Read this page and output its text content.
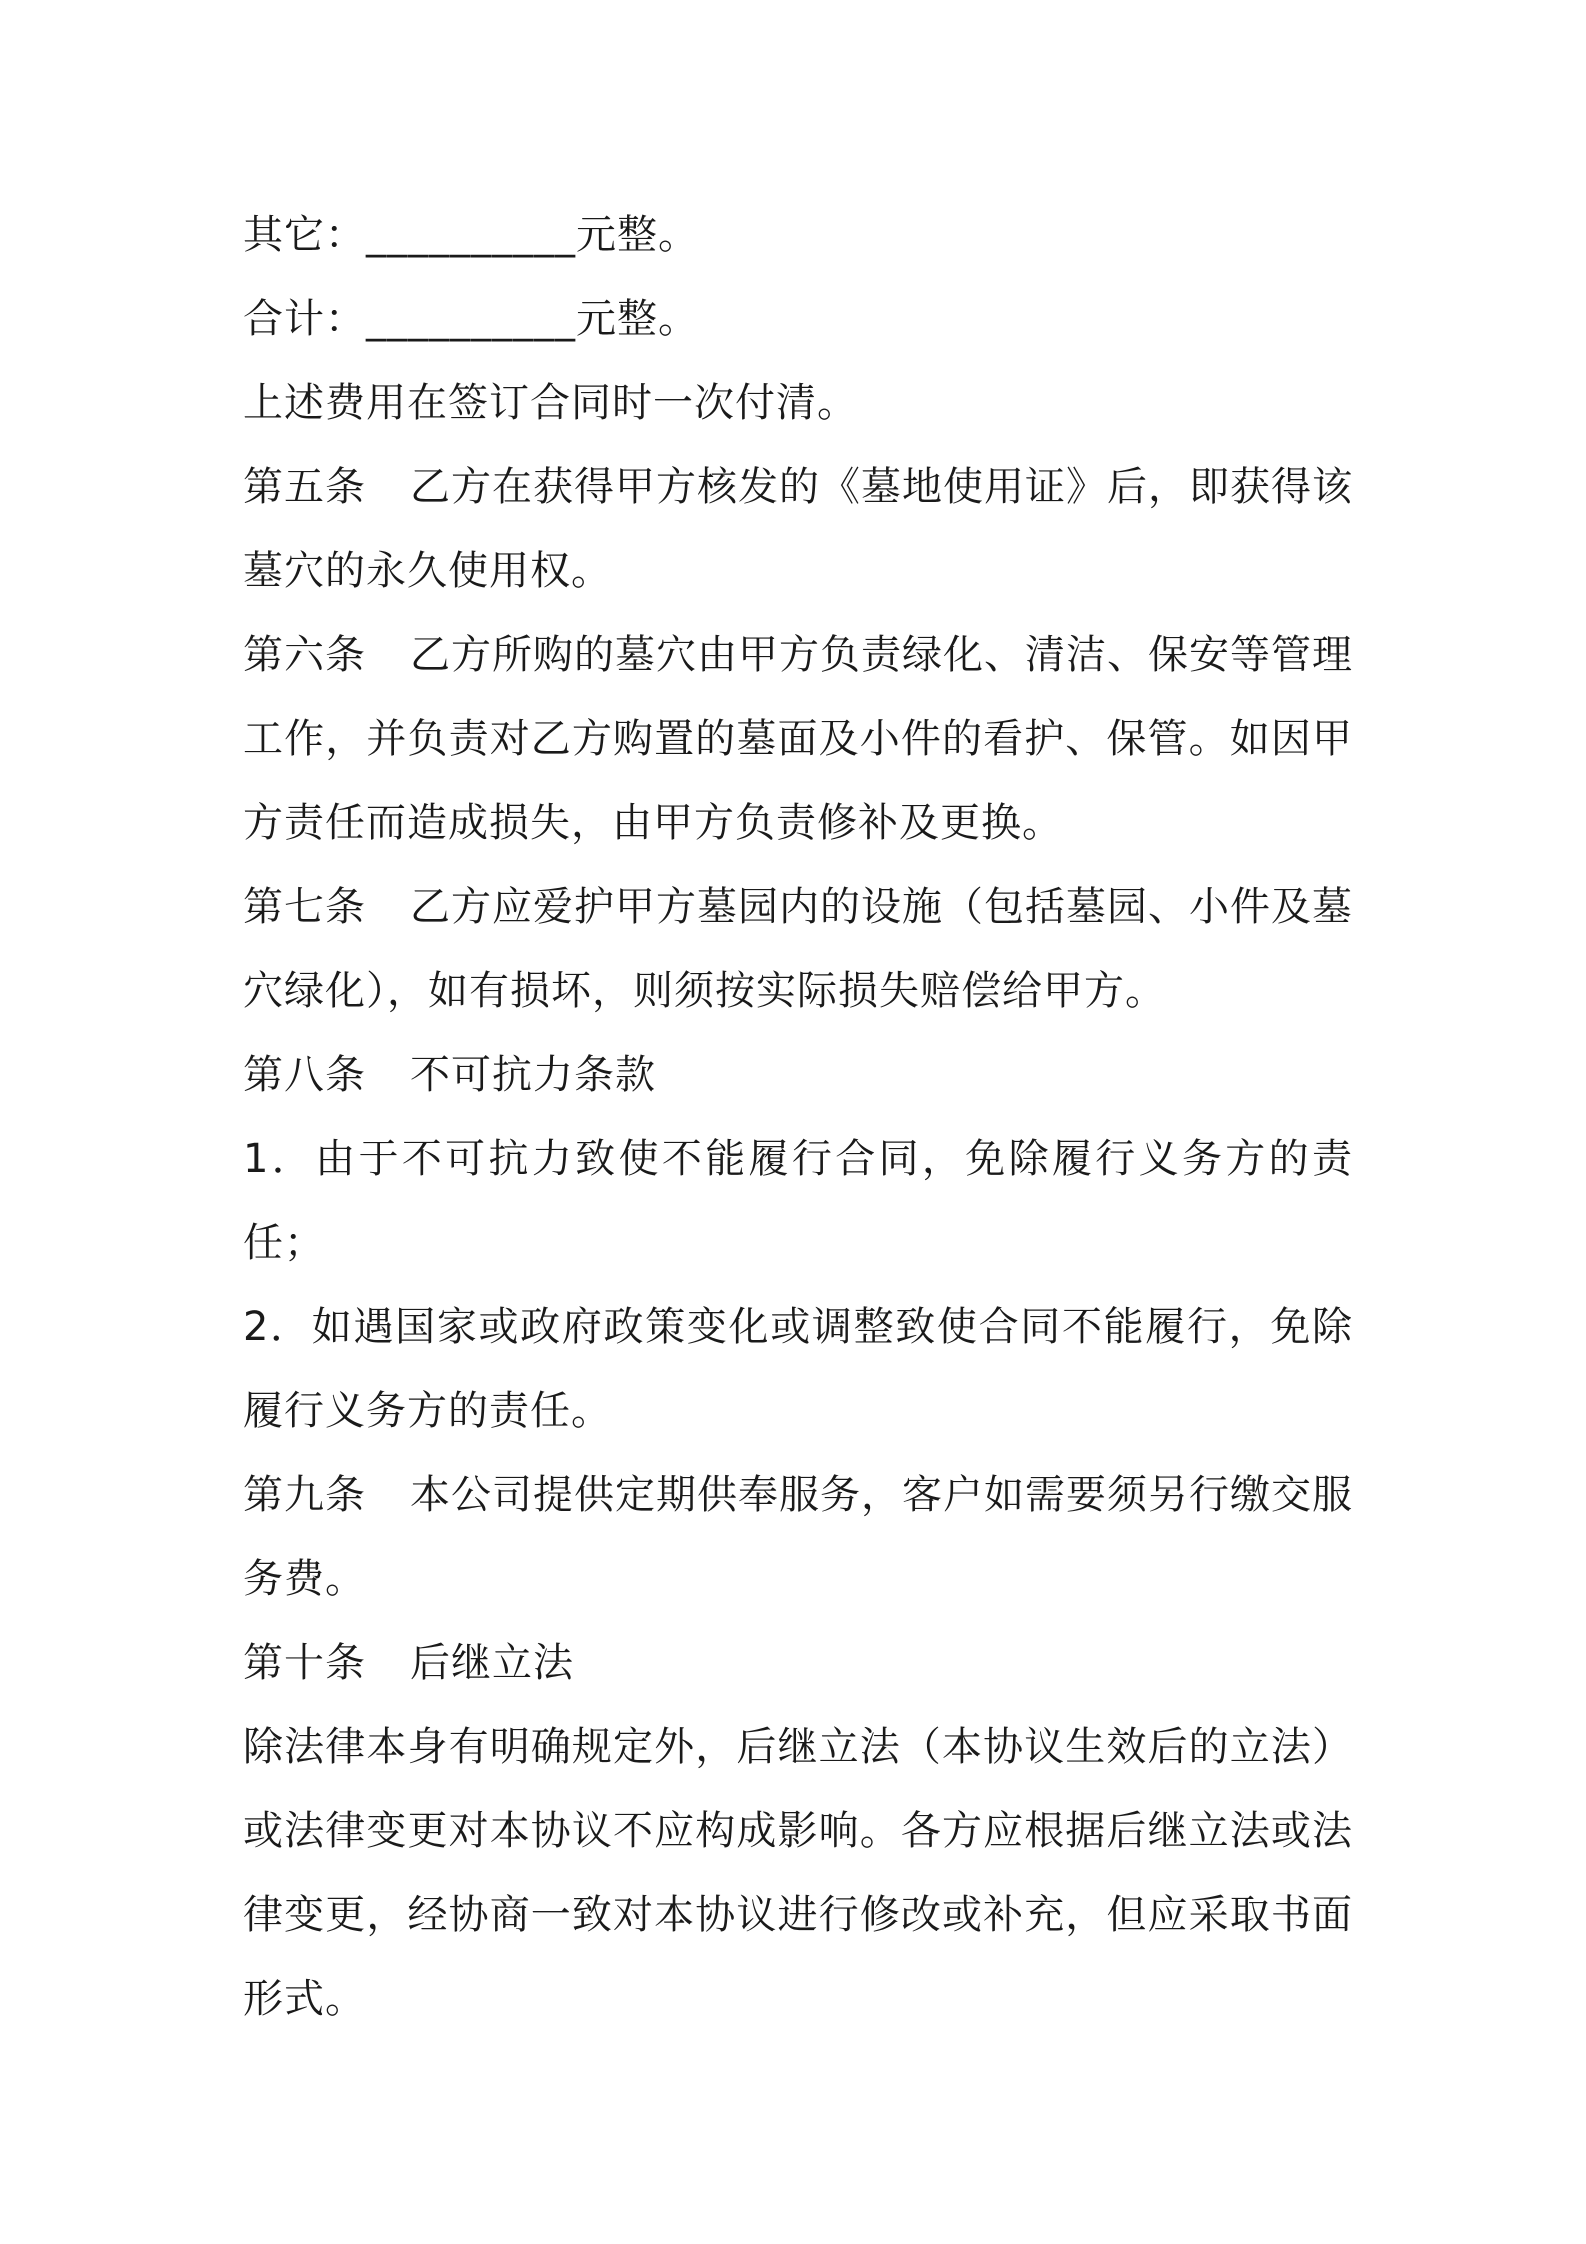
其它：__________元整。

合计：__________元整。

上述费用在签订合同时一次付清。

第五条 乙方在获得甲方核发的《墓地使用证》后，即获得该墓穴的永久使用权。

第六条 乙方所购的墓穴由甲方负责绿化、清洁、保安等管理工作，并负责对乙方购置的墓面及小件的看护、保管。如因甲方责任而造成损失，由甲方负责修补及更换。

第七条 乙方应爱护甲方墓园内的设施（包括墓园、小件及墓穴绿化），如有损坏，则须按实际损失赔偿给甲方。

第八条 不可抗力条款

1．由于不可抗力致使不能履行合同，免除履行义务方的责任；

2．如遇国家或政府政策变化或调整致使合同不能履行，免除履行义务方的责任。

第九条 本公司提供定期供奉服务，客户如需要须另行缴交服务费。

第十条 后继立法

除法律本身有明确规定外，后继立法（本协议生效后的立法）或法律变更对本协议不应构成影响。各方应根据后继立法或法律变更，经协商一致对本协议进行修改或补充，但应采取书面形式。
